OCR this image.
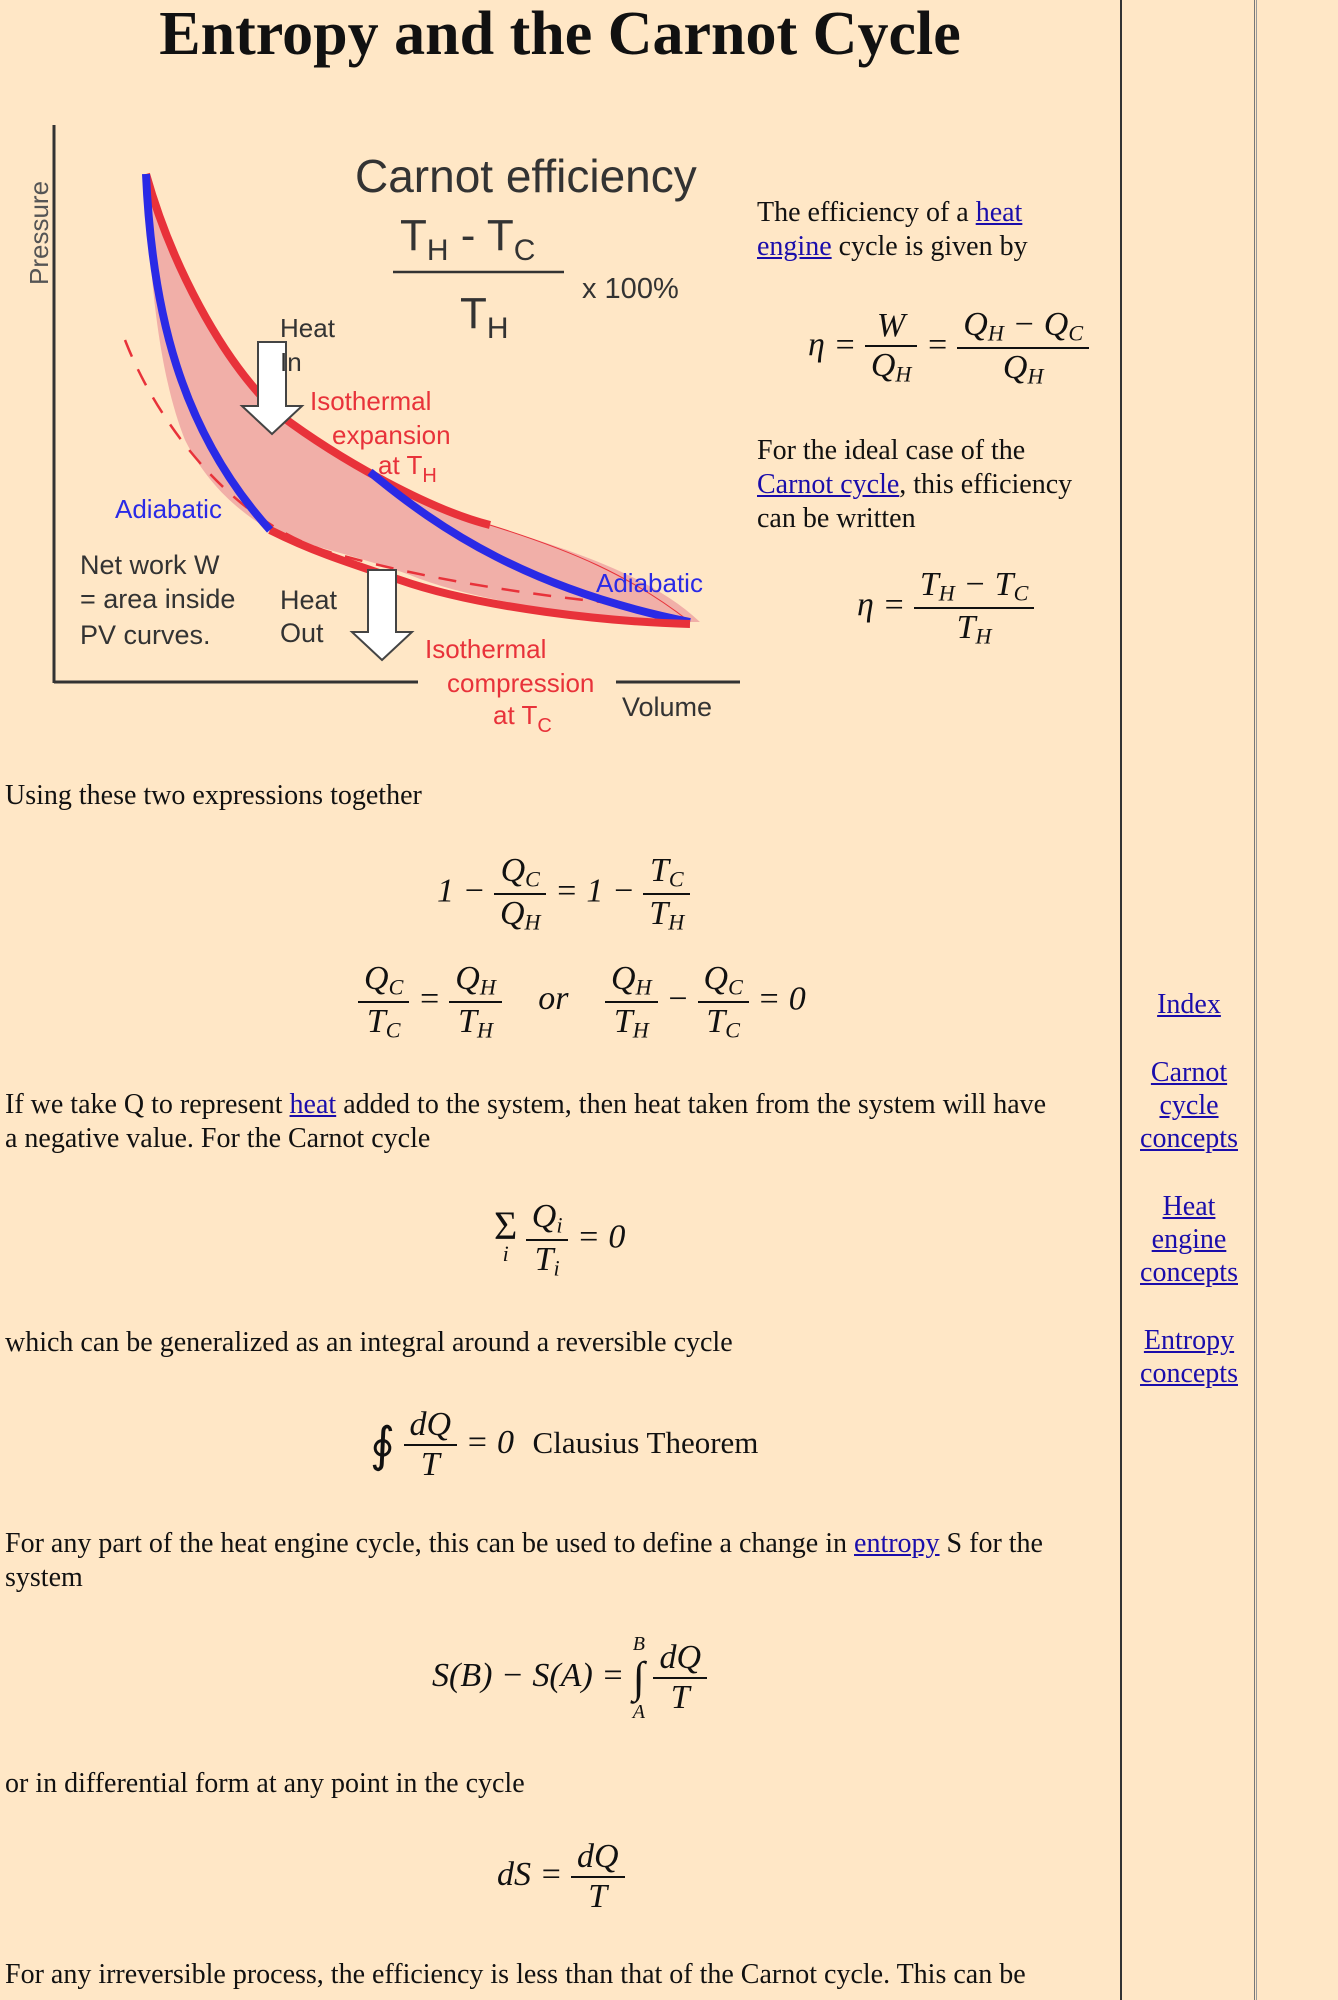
Entropy and the Carnot Cycle
Pressure
Volume
Carnot efficiency
$T_H - T_C$
$T_H$
x 100%
Heat
In
Isothermal
expansion
at $T_H$
Adiabatic
Adiabatic
Net work W
= area inside
PV curves.
Heat
Out
Isothermal
compression
at $T_C$

The efficiency of a heat
engine cycle is given by

$\eta = \frac{W}{Q_H} = \frac{Q_H - Q_C}{Q_H}$

For the ideal case of the
Carnot cycle, this efficiency
can be written

$\eta = \frac{T_H - T_C}{T_H}$

Using these two expressions together

$1 - \frac{Q_C}{Q_H} = 1 - \frac{T_C}{T_H}$
$\frac{Q_C}{T_C} = \frac{Q_H}{T_H}$ or $\frac{Q_H}{T_H} - \frac{Q_C}{T_C} = 0$

If we take Q to represent heat added to the system, then heat taken from the system will have
a negative value. For the Carnot cycle

Σ
i
$\frac{Q_i}{T_i} = 0$

which can be generalized as an integral around a reversible cycle

∮ $\frac{dQ}{T} = 0$ Clausius Theorem

For any part of the heat engine cycle, this can be used to define a change in entropy S for the
system

S(B) − S(A) =
B
∫
A
$\frac{dQ}{T}$

or in differential form at any point in the cycle

dS = $\frac{dQ}{T}$

For any irreversible process, the efficiency is less than that of the Carnot cycle. This can be

Index
Carnot
cycle
concepts
Heat
engine
concepts
Entropy
concepts
